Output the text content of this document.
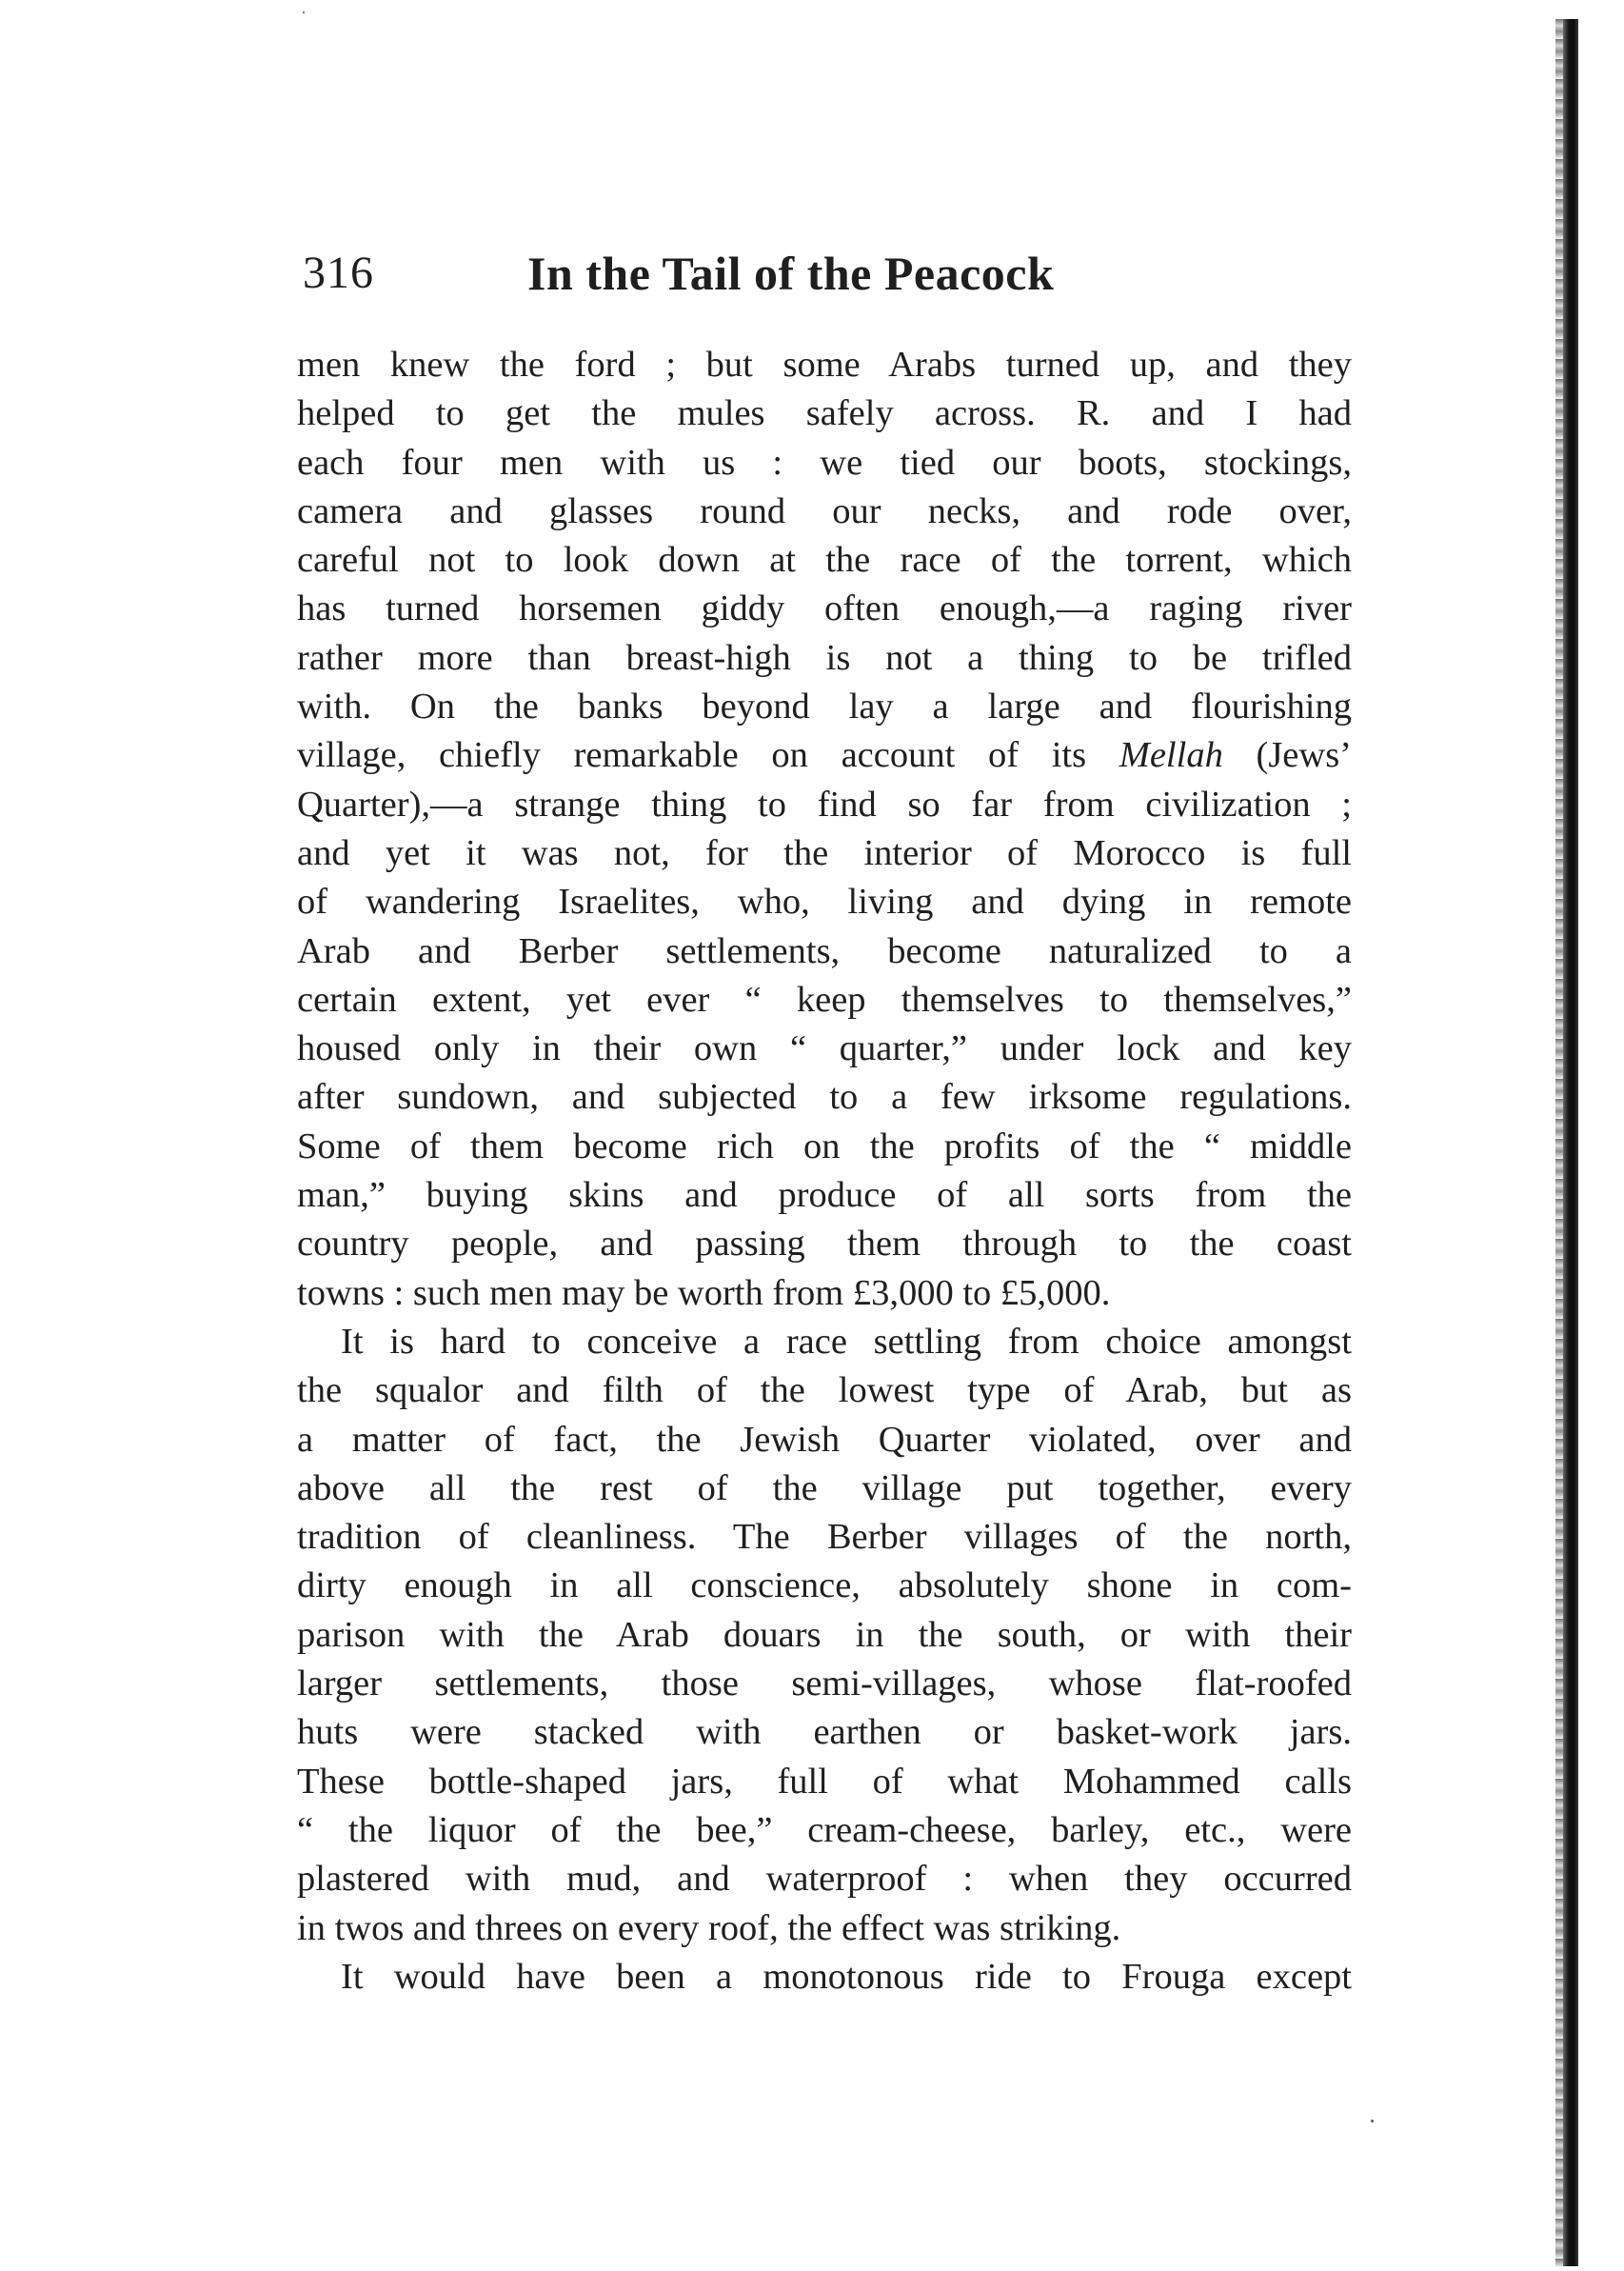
316	In the Tail of the Peacock
men knew the ford ; but some Arabs turned up, and they
helped to get the mules safely across. R. and I had
each four men with us : we tied our boots, stockings,
camera and glasses round our necks, and rode over,
careful not to look down at the race of the torrent, which
has turned horsemen giddy often enough,—a raging river
rather more than breast-high is not a thing to be trifled
with. On the banks beyond lay a large and flourishing
village, chiefly remarkable on account of its Mellah (Jews’
Quarter),—a strange thing to find so far from civilization ;
and yet it was not, for the interior of Morocco is full
of wandering Israelites, who, living and dying in remote
Arab and Berber settlements, become naturalized to a
certain extent, yet ever “ keep themselves to themselves,”
housed only in their own “ quarter,” under lock and key
after sundown, and subjected to a few irksome regulations.
Some of them become rich on the profits of the “ middle
man,” buying skins and produce of all sorts from the
country people, and passing them through to the coast
towns : such men may be worth from £3,000 to £5,000.
It is hard to conceive a race settling from choice amongst
the squalor and filth of the lowest type of Arab, but as
a matter of fact, the Jewish Quarter violated, over and
above all the rest of the village put together, every
tradition of cleanliness. The Berber villages of the north,
dirty enough in all conscience, absolutely shone in com-
parison with the Arab douars in the south, or with their
larger settlements, those semi-villages, whose flat-roofed
huts were stacked with earthen or basket-work jars.
These bottle-shaped jars, full of what Mohammed calls
“ the liquor of the bee,” cream-cheese, barley, etc., were
plastered with mud, and waterproof : when they occurred
in twos and threes on every roof, the effect was striking.
It would have been a monotonous ride to Frouga except
